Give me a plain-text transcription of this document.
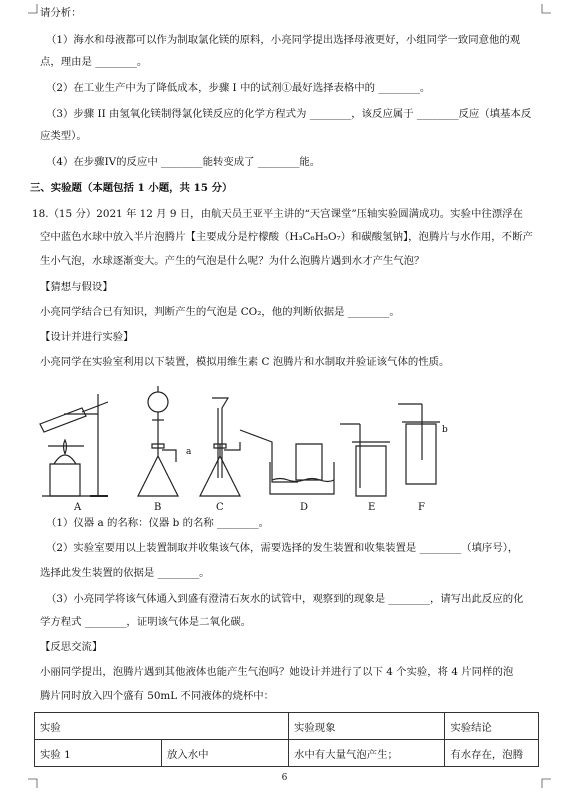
请分析：
（1）海水和母液都可以作为制取氯化镁的原料，小亮同学提出选择母液更好，小组同学一致同意他的观
点，理由是 ________。
（2）在工业生产中为了降低成本，步骤 I 中的试剂①最好选择表格中的 ________。
（3）步骤 II 由氢氧化镁制得氯化镁反应的化学方程式为 ________，该反应属于 ________反应（填基本反
应类型）。
（4）在步骤IV的反应中 ________能转变成了 ________能。
三、实验题（本题包括 1 小题，共 15 分）
18.（15 分）2021 年 12 月 9 日，由航天员王亚平主讲的“天宫课堂”压轴实验圆满成功。实验中往漂浮在
空中蓝色水球中放入半片泡腾片【主要成分是柠檬酸（H₃C₆H₅O₇）和碳酸氢钠】，泡腾片与水作用，不断产
生小气泡，水球逐渐变大。产生的气泡是什么呢？为什么泡腾片遇到水才产生气泡？
【猜想与假设】
小亮同学结合已有知识，判断产生的气泡是 CO₂，他的判断依据是 ________。
【设计并进行实验】
小亮同学在实验室利用以下装置，模拟用维生素 C 泡腾片和水制取并验证该气体的性质。
a
b
A	B	C	D	E	F
（1）仪器 a 的名称：仪器 b 的名称 ________。
（2）实验室要用以上装置制取并收集该气体，需要选择的发生装置和收集装置是 ________（填序号），
选择此发生装置的依据是 ________。
（3）小亮同学将该气体通入到盛有澄清石灰水的试管中，观察到的现象是 ________，请写出此反应的化
学方程式 ________，证明该气体是二氧化碳。
【反思交流】
小丽同学提出，泡腾片遇到其他液体也能产生气泡吗？她设计并进行了以下 4 个实验，将 4 片同样的泡
腾片同时放入四个盛有 50mL 不同液体的烧杯中：
实验		实验现象	实验结论
实验 1	放入水中	水中有大量气泡产生；	有水存在，泡腾
6
